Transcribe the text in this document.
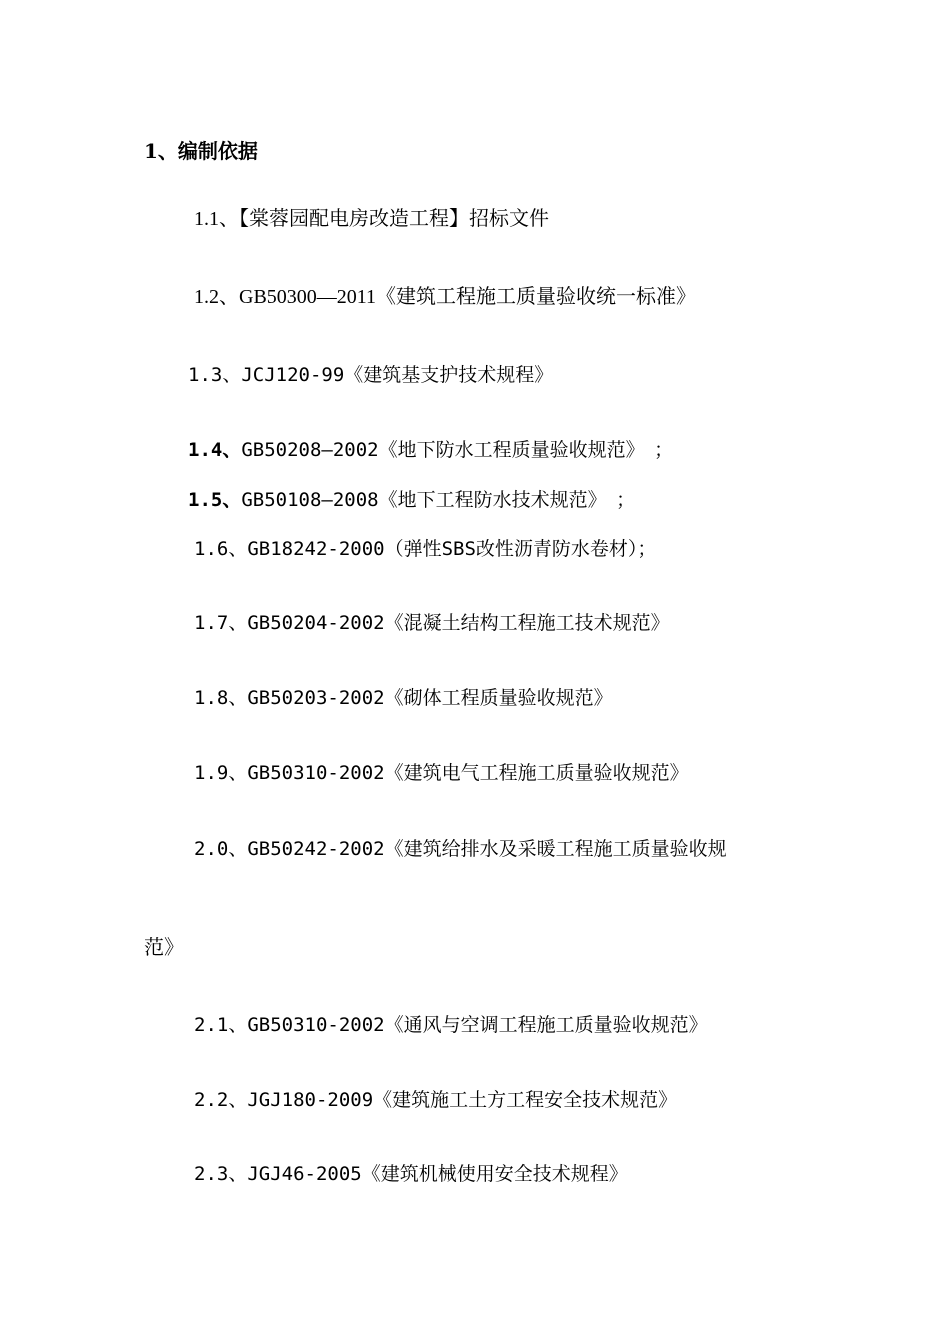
1、编制依据
1.1、【棠蓉园配电房改造工程】招标文件
1.2、GB50300—2011《建筑工程施工质量验收统一标准》
1.3、JCJ120-99《建筑基支护技术规程》
1.4、GB50208—2002《地下防水工程质量验收规范》　；
1.5、GB50108—2008《地下工程防水技术规范》　；
1.6、GB18242-2000（弹性SBS改性沥青防水卷材）；
1.7、GB50204-2002《混凝土结构工程施工技术规范》
1.8、GB50203-2002《砌体工程质量验收规范》
1.9、GB50310-2002《建筑电气工程施工质量验收规范》
2.0、GB50242-2002《建筑给排水及采暖工程施工质量验收规
范》
2.1、GB50310-2002《通风与空调工程施工质量验收规范》
2.2、JGJ180-2009《建筑施工土方工程安全技术规范》
2.3、JGJ46-2005《建筑机械使用安全技术规程》
